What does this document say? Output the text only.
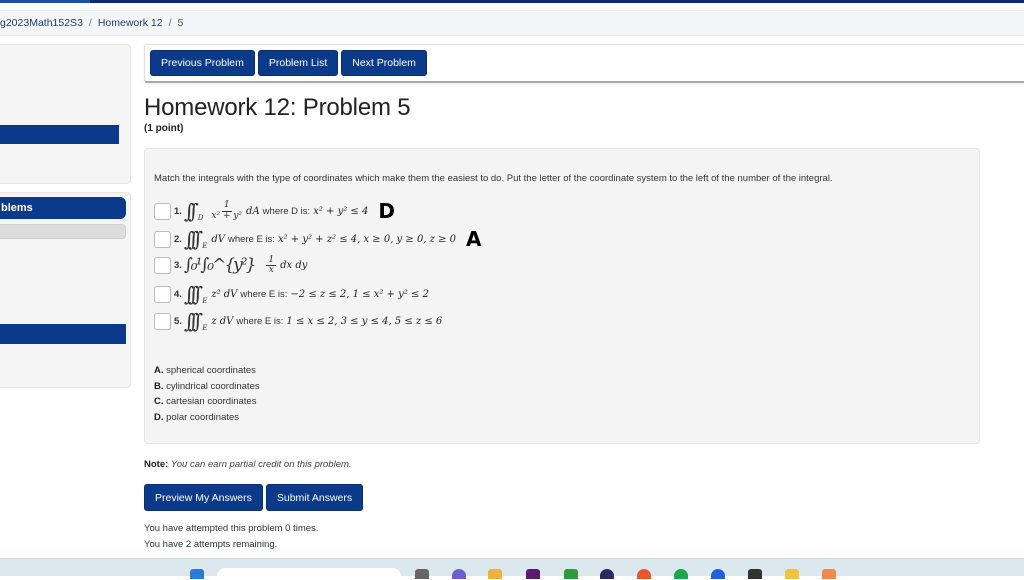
g2023Math152S3 / Homework 12 / 5
blems
Previous Problem	Problem List	Next Problem
Homework 12: Problem 5
(1 point)
Match the integrals with the type of coordinates which make them the easiest to do. Put the letter of the coordinate system to the left of the number of the integral.
1. ∫∫ D $\frac{1}{\text{x² + y²}}$ dA where D is: x² + y² ≤ 4 D
2. ∫∫∫ E
dV where E is: x² + y² + z² ≤ 4, x ≥ 0, y ≥ 0, z ≥ 0 A
3. ∫₀¹∫₀^{y²} $\frac{1}{x}$ dx dy
4. ∫∫∫ E
z² dV where E is: −2 ≤ z ≤ 2, 1 ≤ x² + y² ≤ 2
5. ∫∫∫ E
z dV where E is: 1 ≤ x ≤ 2, 3 ≤ y ≤ 4, 5 ≤ z ≤ 6
A. spherical coordinates
B. cylindrical coordinates
C. cartesian coordinates
D. polar coordinates
Note: You can earn partial credit on this problem.
Preview My Answers	Submit Answers
You have attempted this problem 0 times.
You have 2 attempts remaining.
